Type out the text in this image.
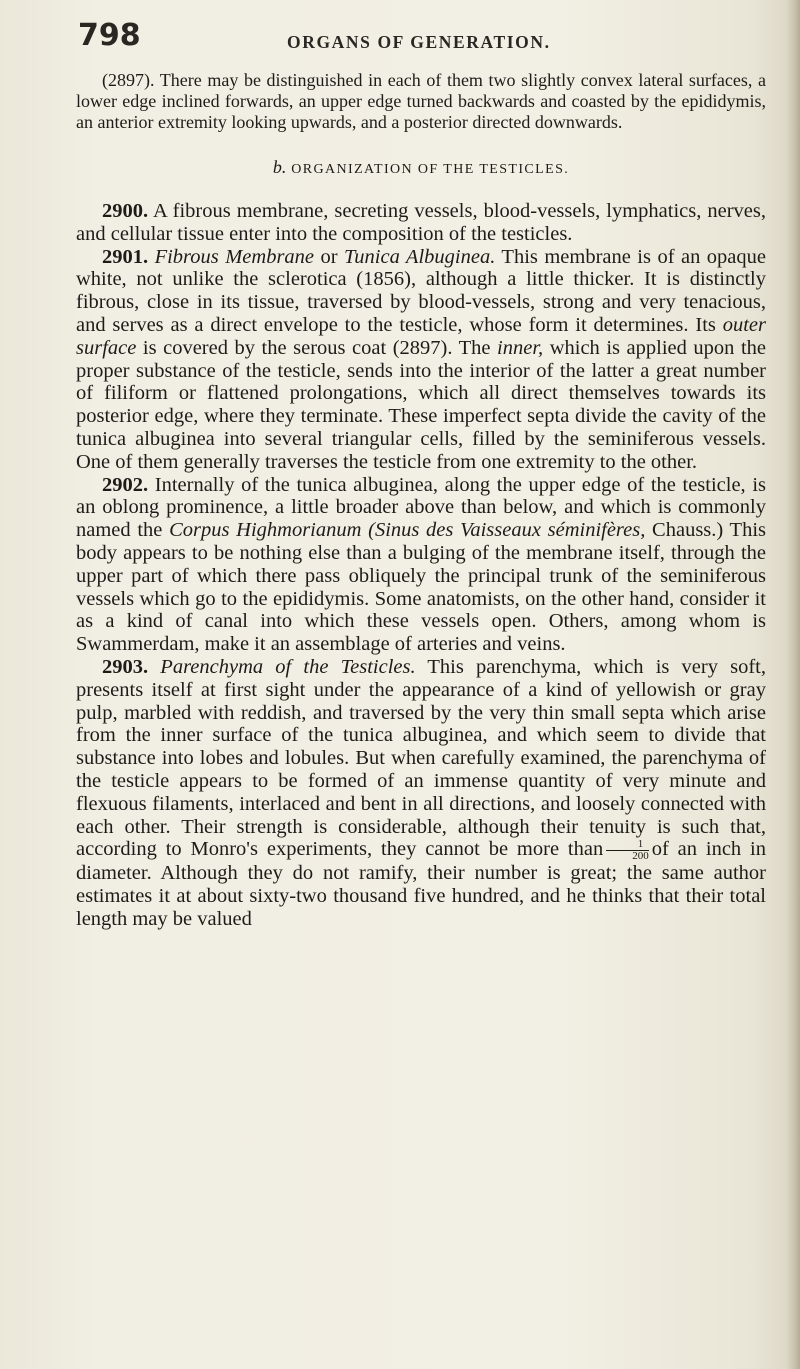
798	ORGANS OF GENERATION.

(2897). There may be distinguished in each of them two slightly convex lateral surfaces, a lower edge inclined forwards, an upper edge turned backwards and coasted by the epididymis, an anterior extremity looking upwards, and a posterior directed downwards.

b. ORGANIZATION OF THE TESTICLES.

2900. A fibrous membrane, secreting vessels, blood-vessels, lymphatics, nerves, and cellular tissue enter into the composition of the testicles.

2901. Fibrous Membrane or Tunica Albuginea. This membrane is of an opaque white, not unlike the sclerotica (1856), although a little thicker. It is distinctly fibrous, close in its tissue, traversed by blood-vessels, strong and very tenacious, and serves as a direct envelope to the testicle, whose form it determines. Its outer surface is covered by the serous coat (2897). The inner, which is applied upon the proper substance of the testicle, sends into the interior of the latter a great number of filiform or flattened prolongations, which all direct themselves towards its posterior edge, where they terminate. These imperfect septa divide the cavity of the tunica albuginea into several triangular cells, filled by the seminiferous vessels. One of them generally traverses the testicle from one extremity to the other.

2902. Internally of the tunica albuginea, along the upper edge of the testicle, is an oblong prominence, a little broader above than below, and which is commonly named the Corpus Highmorianum (Sinus des Vaisseaux séminifères, Chauss.) This body appears to be nothing else than a bulging of the membrane itself, through the upper part of which there pass obliquely the principal trunk of the seminiferous vessels which go to the epididymis. Some anatomists, on the other hand, consider it as a kind of canal into which these vessels open. Others, among whom is Swammerdam, make it an assemblage of arteries and veins.

2903. Parenchyma of the Testicles. This parenchyma, which is very soft, presents itself at first sight under the appearance of a kind of yellowish or gray pulp, marbled with reddish, and traversed by the very thin small septa which arise from the inner surface of the tunica albuginea, and which seem to divide that substance into lobes and lobules. But when carefully examined, the parenchyma of the testicle appears to be formed of an immense quantity of very minute and flexuous filaments, interlaced and bent in all directions, and loosely connected with each other. Their strength is considerable, although their tenuity is such that, according to Monro's experiments, they cannot be more than $\frac{1}{200}$ of an inch in diameter. Although they do not ramify, their number is great; the same author estimates it at about sixty-two thousand five hundred, and he thinks that their total length may be valued
